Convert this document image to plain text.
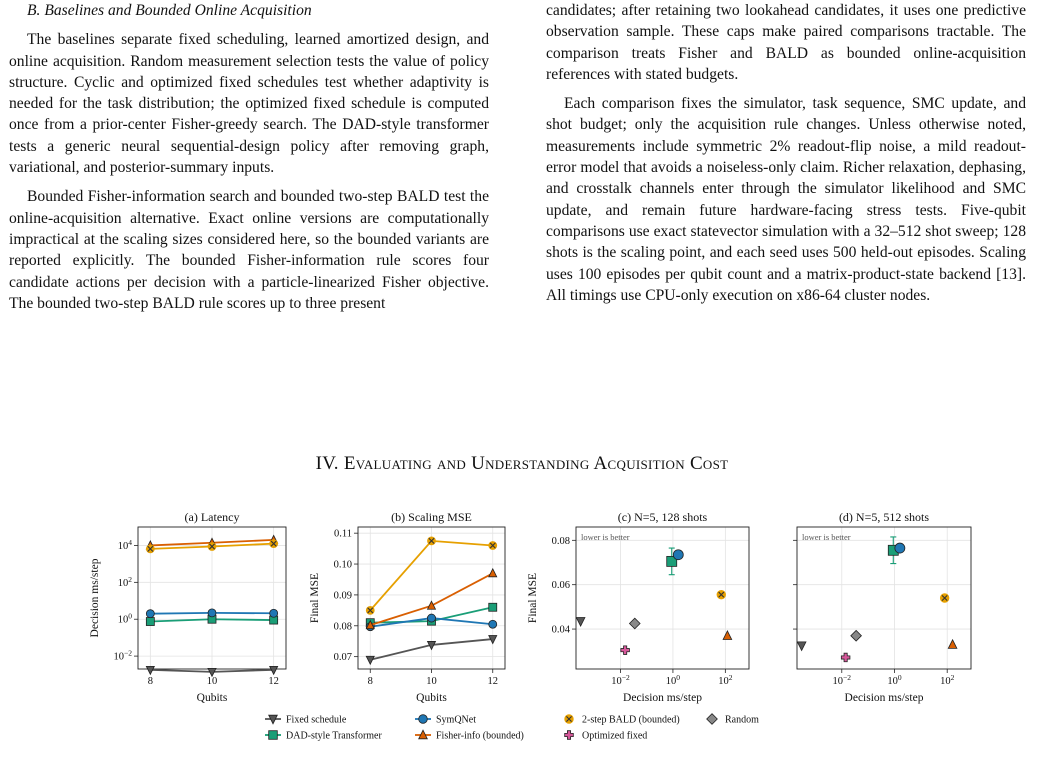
B. Baselines and Bounded Online Acquisition

The baselines separate fixed scheduling, learned amortized design, and online acquisition. Random measurement selection tests the value of policy structure. Cyclic and optimized fixed schedules test whether adaptivity is needed for the task distribution; the optimized fixed schedule is computed once from a prior-center Fisher-greedy search. The DAD-style transformer tests a generic neural sequential-design policy after removing graph, variational, and posterior-summary inputs.

Bounded Fisher-information search and bounded two-step BALD test the online-acquisition alternative. Exact online versions are computationally impractical at the scaling sizes considered here, so the bounded variants are reported explicitly. The bounded Fisher-information rule scores four candidate actions per decision with a particle-linearized Fisher objective. The bounded two-step BALD rule scores up to three present

candidates; after retaining two lookahead candidates, it uses one predictive observation sample. These caps make paired comparisons tractable. The comparison treats Fisher and BALD as bounded online-acquisition references with stated budgets.

Each comparison fixes the simulator, task sequence, SMC update, and shot budget; only the acquisition rule changes. Unless otherwise noted, measurements include symmetric 2% readout-flip noise, a mild readout-error model that avoids a noiseless-only claim. Richer relaxation, dephasing, and crosstalk channels enter through the simulator likelihood and SMC update, and remain future hardware-facing stress tests. Five-qubit comparisons use exact statevector simulation with a 32–512 shot sweep; 128 shots is the scaling point, and each seed uses 500 held-out episodes. Scaling uses 100 episodes per qubit count and a matrix-product-state backend [13]. All timings use CPU-only execution on x86-64 cluster nodes.

IV. Evaluating and Understanding Acquisition Cost
(a) Latency
8	10	12
$10^{-2}$
$10^0$
$10^2$
$10^4$
Qubits
Decision ms/step
(b) Scaling MSE
8	10	12
0.07
0.08
0.09
0.10
0.11
Qubits
Final MSE
(c) N=5, 128 shots
$10^{-2}$	$10^0$	$10^2$
0.04
0.06
0.08
Decision ms/step
Final MSE
lower is better
(d) N=5, 512 shots
$10^{-2}$	$10^0$	$10^2$
Decision ms/step
lower is better
Fixed schedule	SymQNet	2-step BALD (bounded)	Random
DAD-style Transformer	Fisher-info (bounded)	Optimized fixed
